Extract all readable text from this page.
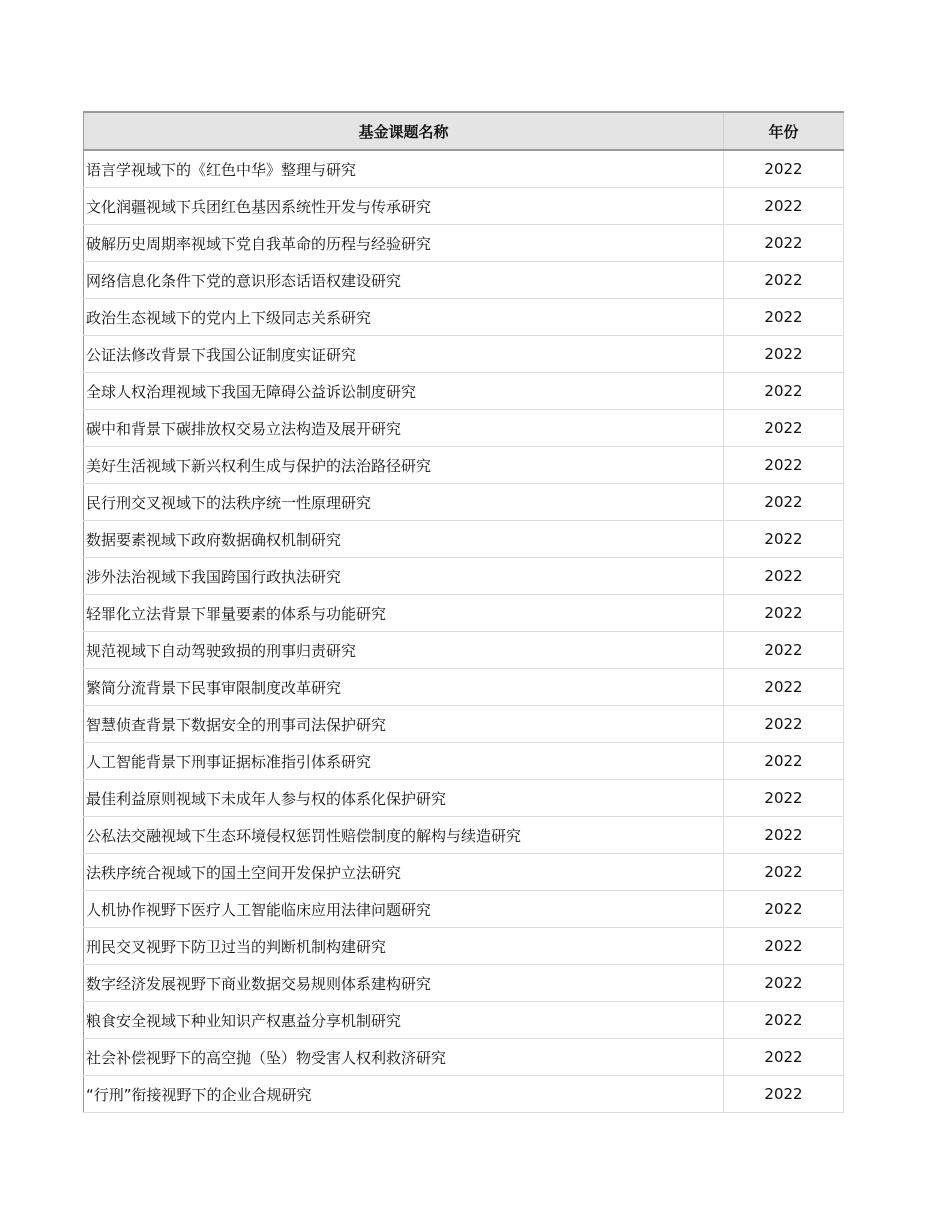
基金课题名称	年份
语言学视域下的《红色中华》整理与研究	2022
文化润疆视域下兵团红色基因系统性开发与传承研究	2022
破解历史周期率视域下党自我革命的历程与经验研究	2022
网络信息化条件下党的意识形态话语权建设研究	2022
政治生态视域下的党内上下级同志关系研究	2022
公证法修改背景下我国公证制度实证研究	2022
全球人权治理视域下我国无障碍公益诉讼制度研究	2022
碳中和背景下碳排放权交易立法构造及展开研究	2022
美好生活视域下新兴权利生成与保护的法治路径研究	2022
民行刑交叉视域下的法秩序统一性原理研究	2022
数据要素视域下政府数据确权机制研究	2022
涉外法治视域下我国跨国行政执法研究	2022
轻罪化立法背景下罪量要素的体系与功能研究	2022
规范视域下自动驾驶致损的刑事归责研究	2022
繁简分流背景下民事审限制度改革研究	2022
智慧侦查背景下数据安全的刑事司法保护研究	2022
人工智能背景下刑事证据标准指引体系研究	2022
最佳利益原则视域下未成年人参与权的体系化保护研究	2022
公私法交融视域下生态环境侵权惩罚性赔偿制度的解构与续造研究	2022
法秩序统合视域下的国土空间开发保护立法研究	2022
人机协作视野下医疗人工智能临床应用法律问题研究	2022
刑民交叉视野下防卫过当的判断机制构建研究	2022
数字经济发展视野下商业数据交易规则体系建构研究	2022
粮食安全视域下种业知识产权惠益分享机制研究	2022
社会补偿视野下的高空抛（坠）物受害人权利救济研究	2022
“行刑”衔接视野下的企业合规研究	2022
